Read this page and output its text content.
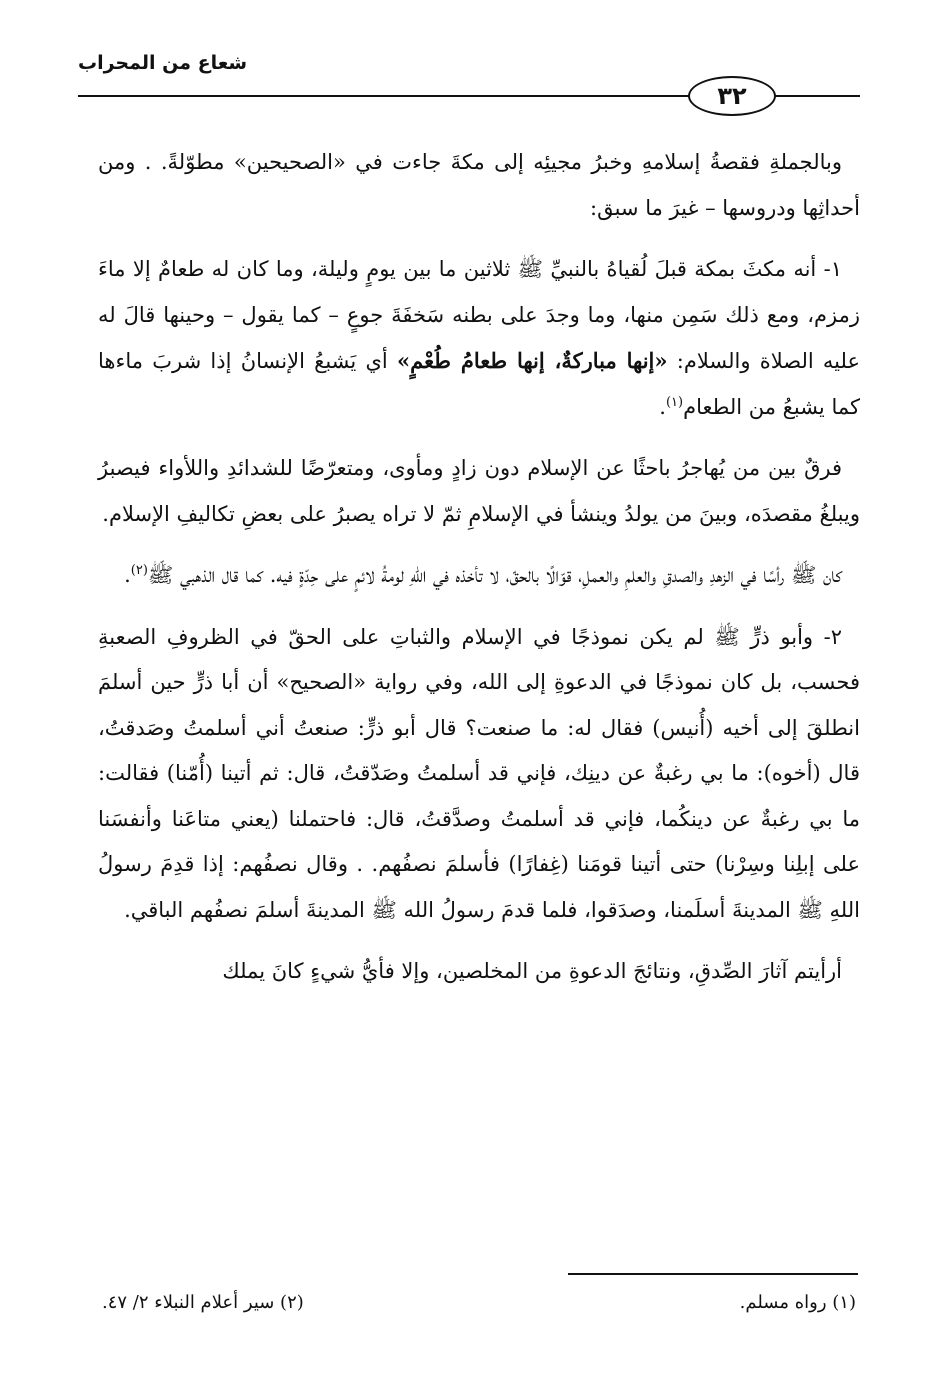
شعاع من المحراب
٣٢

وبالجملةِ فقصةُ إسلامهِ وخبرُ مجيئِه إلى مكةَ جاءت في «الصحيحين» مطوّلةً. . ومن أحداثِها ودروسها – غيرَ ما سبق:

١- أنه مكثَ بمكة قبلَ لُقياهُ بالنبيِّ ﷺ ثلاثين ما بين يومٍ وليلة، وما كان له طعامٌ إلا ماءَ زمزم، ومع ذلك سَمِن منها، وما وجدَ على بطنه سَخفَةَ جوعٍ – كما يقول – وحينها قالَ له عليه الصلاة والسلام: «إنها مباركةٌ، إنها طعامُ طُعْمٍ» أي يَشبعُ الإنسانُ إذا شربَ ماءها كما يشبعُ من الطعام$^{(١)}$.

فرقٌ بين من يُهاجرُ باحثًا عن الإسلام دون زادٍ ومأوى، ومتعرّضًا للشدائدِ واللأواء فيصبرُ ويبلغُ مقصدَه، وبينَ من يولدُ وينشأ في الإسلامِ ثمّ لا تراه يصبرُ على بعضِ تكاليفِ الإسلام.

كان ﷺ رأسًا في الزهدِ والصدقِ والعلمِ والعملِ، قوّالًا بالحقّ، لا تأخذه في اللهِ لومةُ لائمٍ على حِدّةٍ فيه. كما قال الذهبي ﷺ$^{(٢)}$.

٢- وأبو ذرٍّ ﷺ لم يكن نموذجًا في الإسلام والثباتِ على الحقّ في الظروفِ الصعبةِ فحسب، بل كان نموذجًا في الدعوةِ إلى الله، وفي رواية «الصحيح» أن أبا ذرٍّ حين أسلمَ انطلقَ إلى أخيه (أُنيس) فقال له: ما صنعت؟ قال أبو ذرٍّ: صنعتُ أني أسلمتُ وصَدقتُ، قال (أخوه): ما بي رغبةٌ عن دينِك، فإني قد أسلمتُ وصَدّقتُ، قال: ثم أتينا (أُمّنا) فقالت: ما بي رغبةٌ عن دينكُما، فإني قد أسلمتُ وصدَّقتُ، قال: فاحتملنا (يعني متاعَنا وأنفسَنا على إبلِنا وسِرْنا) حتى أتينا قومَنا (غِفارًا) فأسلمَ نصفُهم. . وقال نصفُهم: إذا قدِمَ رسولُ اللهِ ﷺ المدينةَ أسلَمنا، وصدَقوا، فلما قدمَ رسولُ الله ﷺ المدينةَ أسلمَ نصفُهم الباقي.

أرأيتم آثارَ الصِّدقِ، ونتائجَ الدعوةِ من المخلصين، وإلا فأيُّ شيءٍ كانَ يملك

(١) رواه مسلم.
(٢) سير أعلام النبلاء ٢/ ٤٧.
